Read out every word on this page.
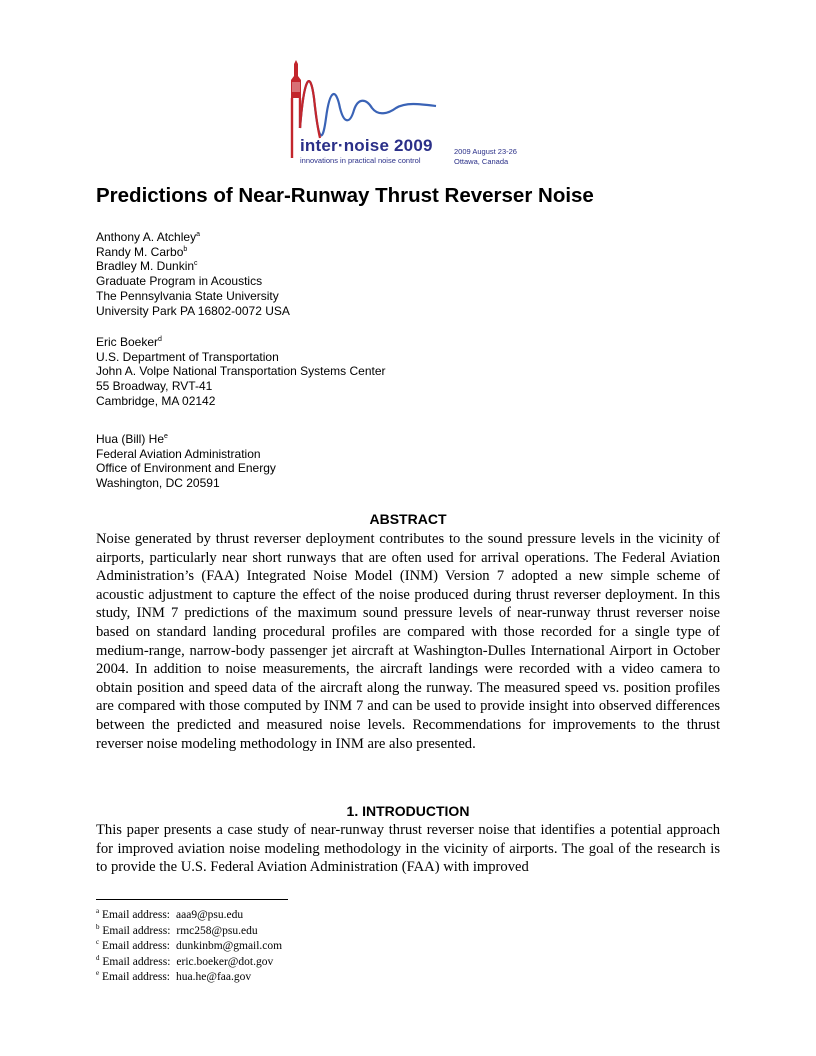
inter·noise 2009
innovations in practical noise control
2009 August 23-26
Ottawa, Canada
Predictions of Near-Runway Thrust Reverser Noise
Anthony A. Atchley$^a$
Randy M. Carbo$^b$
Bradley M. Dunkin$^c$
Graduate Program in Acoustics
The Pennsylvania State University
University Park PA 16802-0072 USA
Eric Boeker$^d$
U.S. Department of Transportation
John A. Volpe National Transportation Systems Center
55 Broadway, RVT-41
Cambridge, MA 02142
Hua (Bill) He$^e$
Federal Aviation Administration
Office of Environment and Energy
Washington, DC 20591
ABSTRACT
Noise generated by thrust reverser deployment contributes to the sound pressure levels in the vicinity of airports, particularly near short runways that are often used for arrival operations. The Federal Aviation Administration’s (FAA) Integrated Noise Model (INM) Version 7 adopted a new simple scheme of acoustic adjustment to capture the effect of the noise produced during thrust reverser deployment. In this study, INM 7 predictions of the maximum sound pressure levels of near-runway thrust reverser noise based on standard landing procedural profiles are compared with those recorded for a single type of medium-range, narrow-body passenger jet aircraft at Washington-Dulles International Airport in October 2004. In addition to noise measurements, the aircraft landings were recorded with a video camera to obtain position and speed data of the aircraft along the runway. The measured speed vs. position profiles are compared with those computed by INM 7 and can be used to provide insight into observed differences between the predicted and measured noise levels. Recommendations for improvements to the thrust reverser noise modeling methodology in INM are also presented.
1. INTRODUCTION
This paper presents a case study of near-runway thrust reverser noise that identifies a potential approach for improved aviation noise modeling methodology in the vicinity of airports. The goal of the research is to provide the U.S. Federal Aviation Administration (FAA) with improved
$^a$ Email address: aaa9@psu.edu
$^b$ Email address: rmc258@psu.edu
$^c$ Email address: dunkinbm@gmail.com
$^d$ Email address: eric.boeker@dot.gov
$^e$ Email address: hua.he@faa.gov
